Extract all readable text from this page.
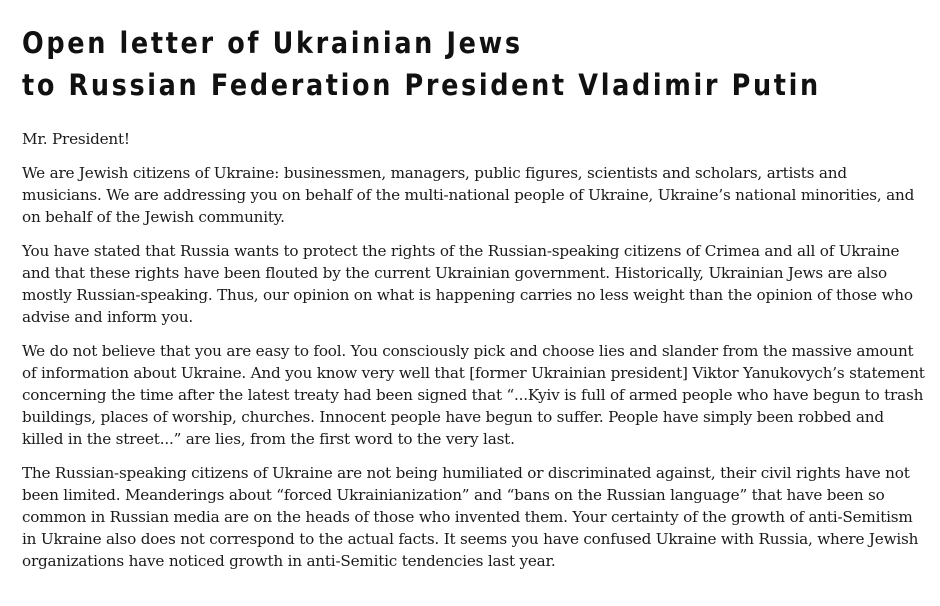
Open letter of Ukrainian Jews
to Russian Federation President Vladimir Putin

Mr. President!

We are Jewish citizens of Ukraine: businessmen, managers, public figures, scientists and scholars, artists and musicians. We are addressing you on behalf of the multi-national people of Ukraine, Ukraine’s national minorities, and on behalf of the Jewish community.

You have stated that Russia wants to protect the rights of the Russian-speaking citizens of Crimea and all of Ukraine and that these rights have been flouted by the current Ukrainian government. Historically, Ukrainian Jews are also mostly Russian-speaking. Thus, our opinion on what is happening carries no less weight than the opinion of those who advise and inform you.

We do not believe that you are easy to fool. You consciously pick and choose lies and slander from the massive amount of information about Ukraine. And you know very well that [former Ukrainian president] Viktor Yanukovych’s statement concerning the time after the latest treaty had been signed that “...Kyiv is full of armed people who have begun to trash buildings, places of worship, churches. Innocent people have begun to suffer. People have simply been robbed and killed in the street...” are lies, from the first word to the very last.

The Russian-speaking citizens of Ukraine are not being humiliated or discriminated against, their civil rights have not been limited. Meanderings about “forced Ukrainianization” and “bans on the Russian language” that have been so common in Russian media are on the heads of those who invented them. Your certainty of the growth of anti-Semitism in Ukraine also does not correspond to the actual facts. It seems you have confused Ukraine with Russia, where Jewish organizations have noticed growth in anti-Semitic tendencies last year.
